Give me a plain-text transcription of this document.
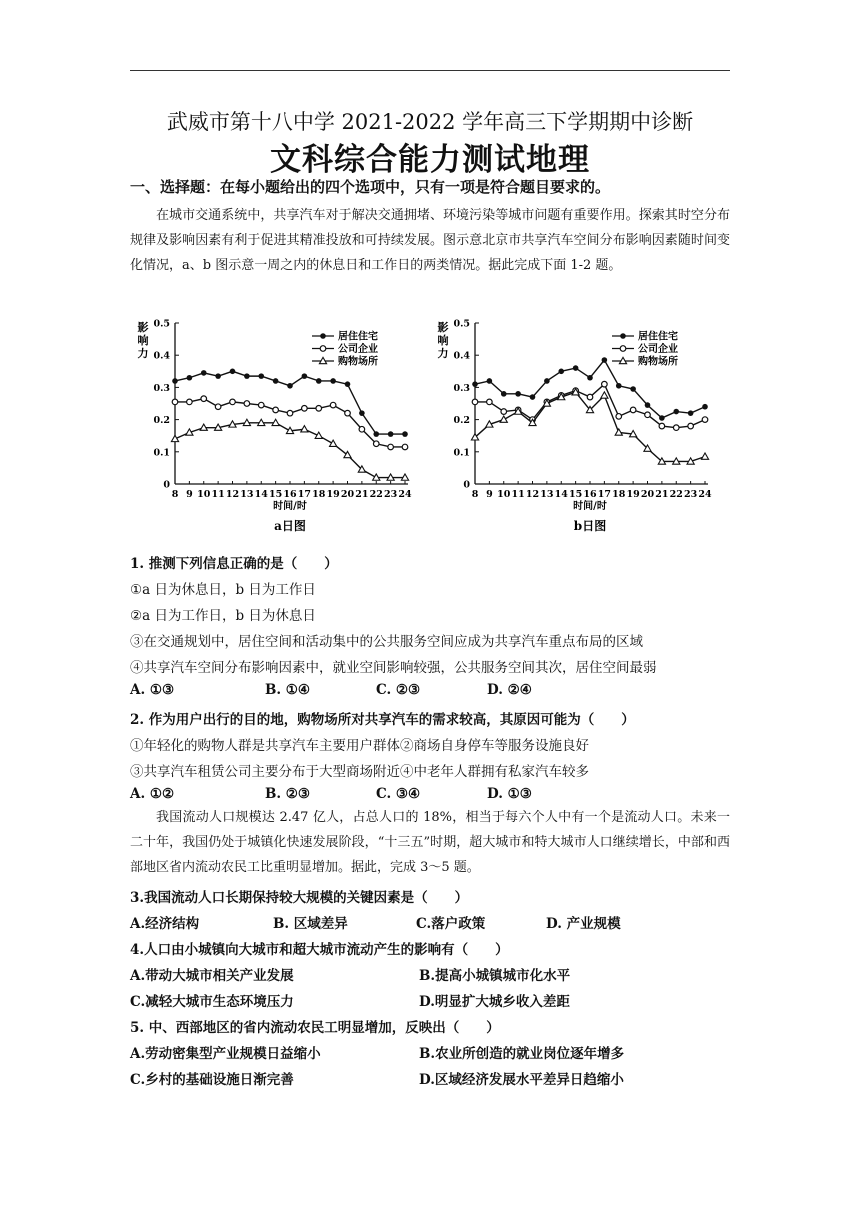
武威市第十八中学 2021-2022 学年高三下学期期中诊断
文科综合能力测试地理
一、选择题：在每小题给出的四个选项中，只有一项是符合题目要求的。
在城市交通系统中，共享汽车对于解决交通拥堵、环境污染等城市问题有重要作用。探索其时空分布规律及影响因素有利于促进其精准投放和可持续发展。图示意北京市共享汽车空间分布影响因素随时间变化情况，a、b 图示意一周之内的休息日和工作日的两类情况。据此完成下面 1-2 题。
0
0.1
0.2
0.3
0.4
0.5
8 9 10 11 12 13 14 15 16 17 18 19 20 21 22 23 24
影
响
力
时间/时
a日图
居住住宅
公司企业
购物场所
0
0.1
0.2
0.3
0.4
0.5
8 9 10 11 12 13 14 15 16 17 18 19 20 21 22 23 24
影
响
力
时间/时
b日图
居住住宅
公司企业
购物场所
1. 推测下列信息正确的是（　　）
①a 日为休息日，b 日为工作日
②a 日为工作日，b 日为休息日
③在交通规划中，居住空间和活动集中的公共服务空间应成为共享汽车重点布局的区域
④共享汽车空间分布影响因素中，就业空间影响较强，公共服务空间其次，居住空间最弱
A. ①③	B. ①④	C. ②③	D. ②④
2. 作为用户出行的目的地，购物场所对共享汽车的需求较高，其原因可能为（　　）
①年轻化的购物人群是共享汽车主要用户群体②商场自身停车等服务设施良好
③共享汽车租赁公司主要分布于大型商场附近④中老年人群拥有私家汽车较多
A. ①②	B. ②③	C. ③④	D. ①③
我国流动人口规模达 2.47 亿人，占总人口的 18%，相当于每六个人中有一个是流动人口。未来一二十年，我国仍处于城镇化快速发展阶段，“十三五”时期，超大城市和特大城市人口继续增长，中部和西部地区省内流动农民工比重明显增加。据此，完成 3～5 题。
3.我国流动人口长期保持较大规模的关键因素是（　　）
A.经济结构	B. 区域差异	C.落户政策	D. 产业规模
4.人口由小城镇向大城市和超大城市流动产生的影响有（　　）
A.带动大城市相关产业发展	B.提高小城镇城市化水平
C.减轻大城市生态环境压力	D.明显扩大城乡收入差距
5. 中、西部地区的省内流动农民工明显增加，反映出（　　）
A.劳动密集型产业规模日益缩小	B.农业所创造的就业岗位逐年增多
C.乡村的基础设施日渐完善	D.区域经济发展水平差异日趋缩小
